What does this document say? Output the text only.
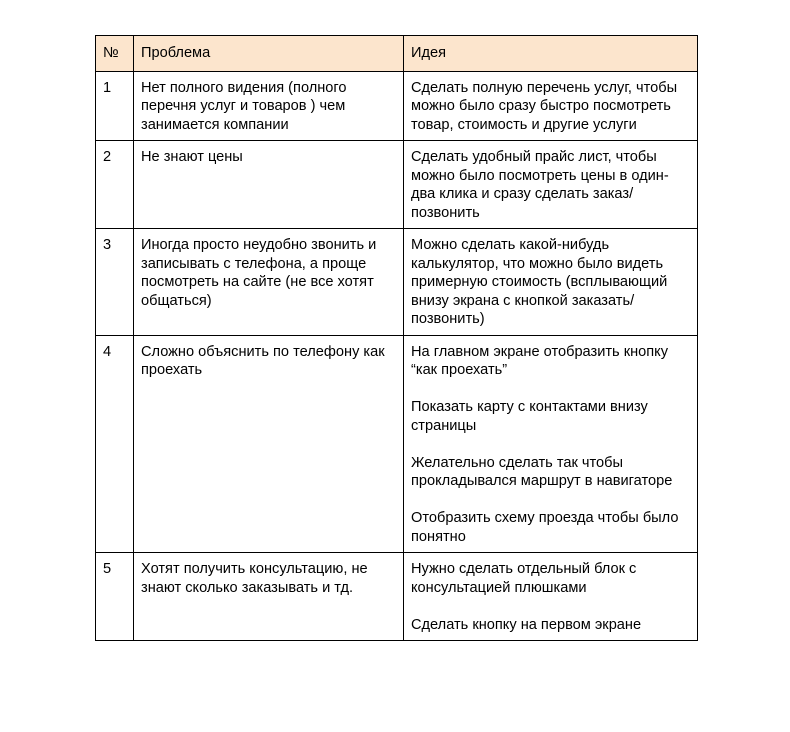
№	Проблема	Идея
1	Нет полного видения (полного перечня услуг и товаров ) чем занимается компании	Сделать полную перечень услуг, чтобы можно было сразу быстро посмотреть товар, стоимость и другие услуги

2	Не знают цены	Сделать удобный прайс лист, чтобы можно было посмотреть цены в один-два клика и сразу сделать заказ/позвонить

3	Иногда просто неудобно звонить и записывать с телефона, а проще посмотреть на сайте (не все хотят общаться)	Можно сделать какой-нибудь калькулятор, что можно было видеть примерную стоимость (всплывающий внизу экрана с кнопкой заказать/позвонить)

4	Сложно объяснить по телефону как проехать	На главном экране отобразить кнопку “как проехать”
Показать карту с контактами внизу страницы
Желательно сделать так чтобы прокладывался маршрут в навигаторе
Отобразить схему проезда чтобы было понятно

5	Хотят получить консультацию, не знают сколько заказывать и тд.	Нужно сделать отдельный блок с консультацией плюшками
Сделать кнопку на первом экране
